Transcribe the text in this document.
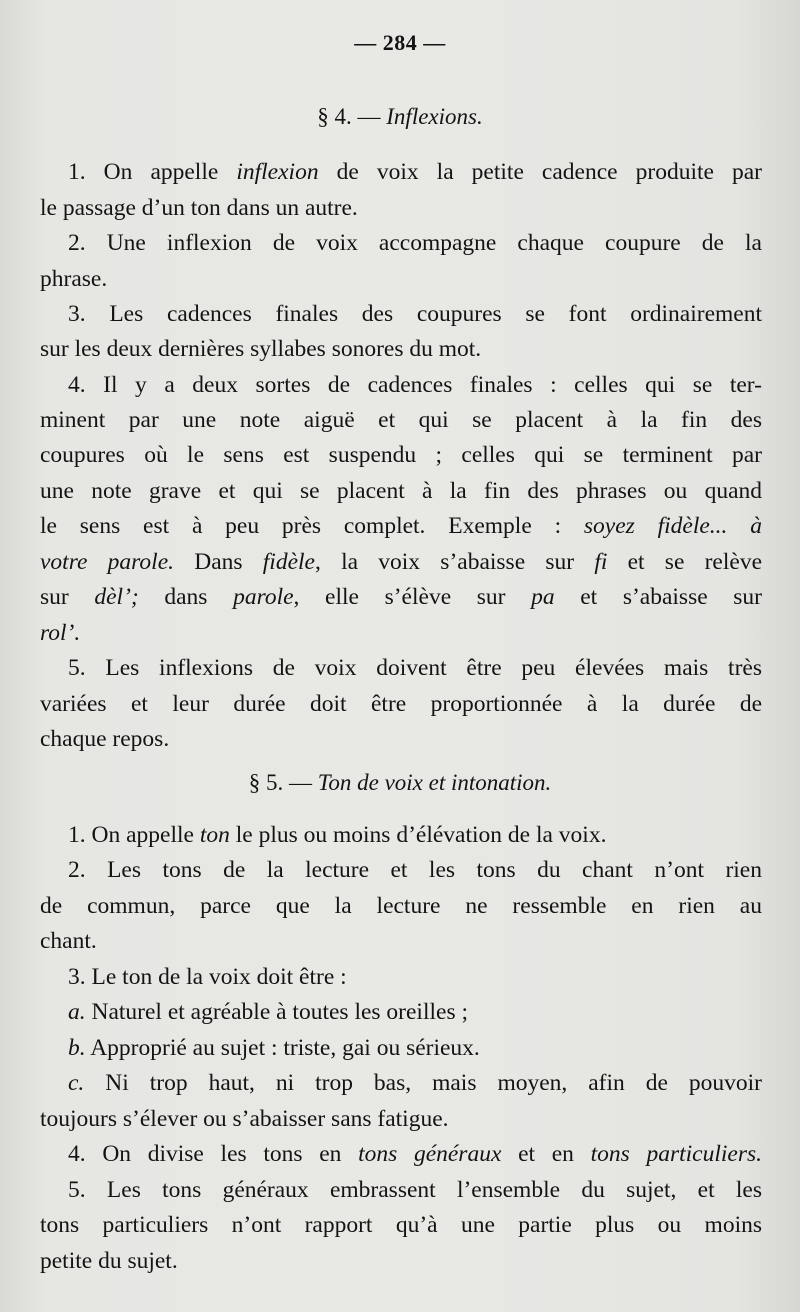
— 284 —
§ 4. — Inflexions.
1. On appelle inflexion de voix la petite cadence produite par
le passage d’un ton dans un autre.
2. Une inflexion de voix accompagne chaque coupure de la
phrase.
3. Les cadences finales des coupures se font ordinairement
sur les deux dernières syllabes sonores du mot.
4. Il y a deux sortes de cadences finales : celles qui se ter-
minent par une note aiguë et qui se placent à la fin des
coupures où le sens est suspendu ; celles qui se terminent par
une note grave et qui se placent à la fin des phrases ou quand
le sens est à peu près complet. Exemple : soyez fidèle... à
votre parole. Dans fidèle, la voix s’abaisse sur fi et se relève
sur dèl’; dans parole, elle s’élève sur pa et s’abaisse sur
rol’.
5. Les inflexions de voix doivent être peu élevées mais très
variées et leur durée doit être proportionnée à la durée de
chaque repos.
§ 5. — Ton de voix et intonation.
1. On appelle ton le plus ou moins d’élévation de la voix.
2. Les tons de la lecture et les tons du chant n’ont rien
de commun, parce que la lecture ne ressemble en rien au
chant.
3. Le ton de la voix doit être :
a. Naturel et agréable à toutes les oreilles ;
b. Approprié au sujet : triste, gai ou sérieux.
c. Ni trop haut, ni trop bas, mais moyen, afin de pouvoir
toujours s’élever ou s’abaisser sans fatigue.
4. On divise les tons en tons généraux et en tons particuliers.
5. Les tons généraux embrassent l’ensemble du sujet, et les
tons particuliers n’ont rapport qu’à une partie plus ou moins
petite du sujet.
